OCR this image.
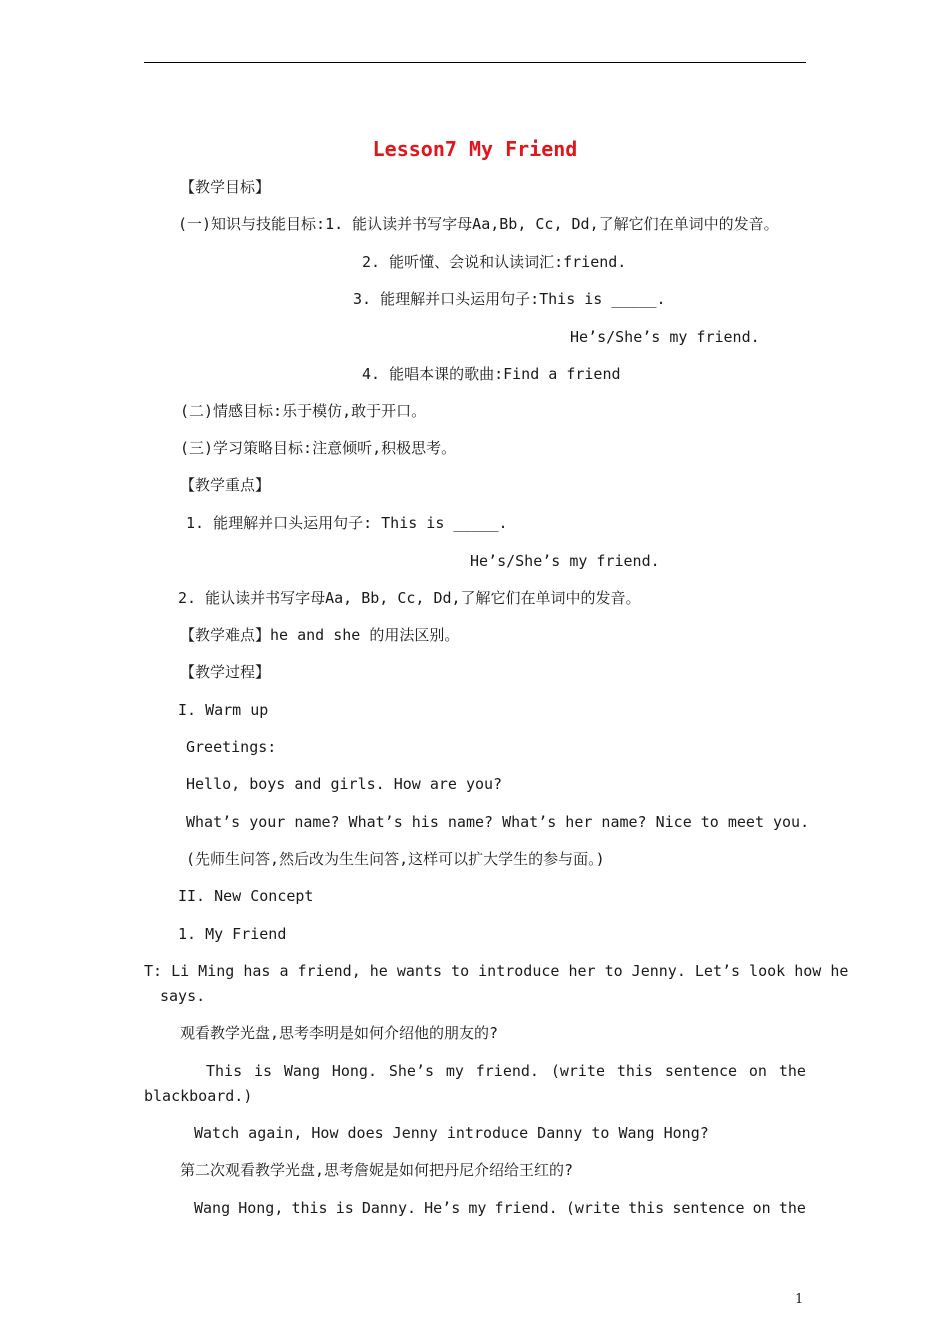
Lesson7 My Friend
【教学目标】
(一)知识与技能目标:1. 能认读并书写字母Aa,Bb, Cc, Dd,了解它们在单词中的发音。
2. 能听懂、会说和认读词汇:friend.
3. 能理解并口头运用句子:This is _____.
He’s/She’s my friend.
4. 能唱本课的歌曲:Find a friend
(二)情感目标:乐于模仿,敢于开口。
(三)学习策略目标:注意倾听,积极思考。
【教学重点】
1. 能理解并口头运用句子: This is _____.
He’s/She’s my friend.
2. 能认读并书写字母Aa, Bb, Cc, Dd,了解它们在单词中的发音。
【教学难点】he and she 的用法区别。
【教学过程】
I. Warm up
Greetings:
Hello, boys and girls. How are you?
What’s your name? What’s his name? What’s her name? Nice to meet you.
(先师生问答,然后改为生生问答,这样可以扩大学生的参与面。)
II. New Concept
1. My Friend
T: Li Ming has a friend, he wants to introduce her to Jenny. Let’s look how he
says.
观看教学光盘,思考李明是如何介绍他的朋友的?
This is Wang Hong. She’s my friend. (write this sentence on the
blackboard.)
Watch again, How does Jenny introduce Danny to Wang Hong?
第二次观看教学光盘,思考詹妮是如何把丹尼介绍给王红的?
Wang Hong, this is Danny. He’s my friend. (write this sentence on the
1
